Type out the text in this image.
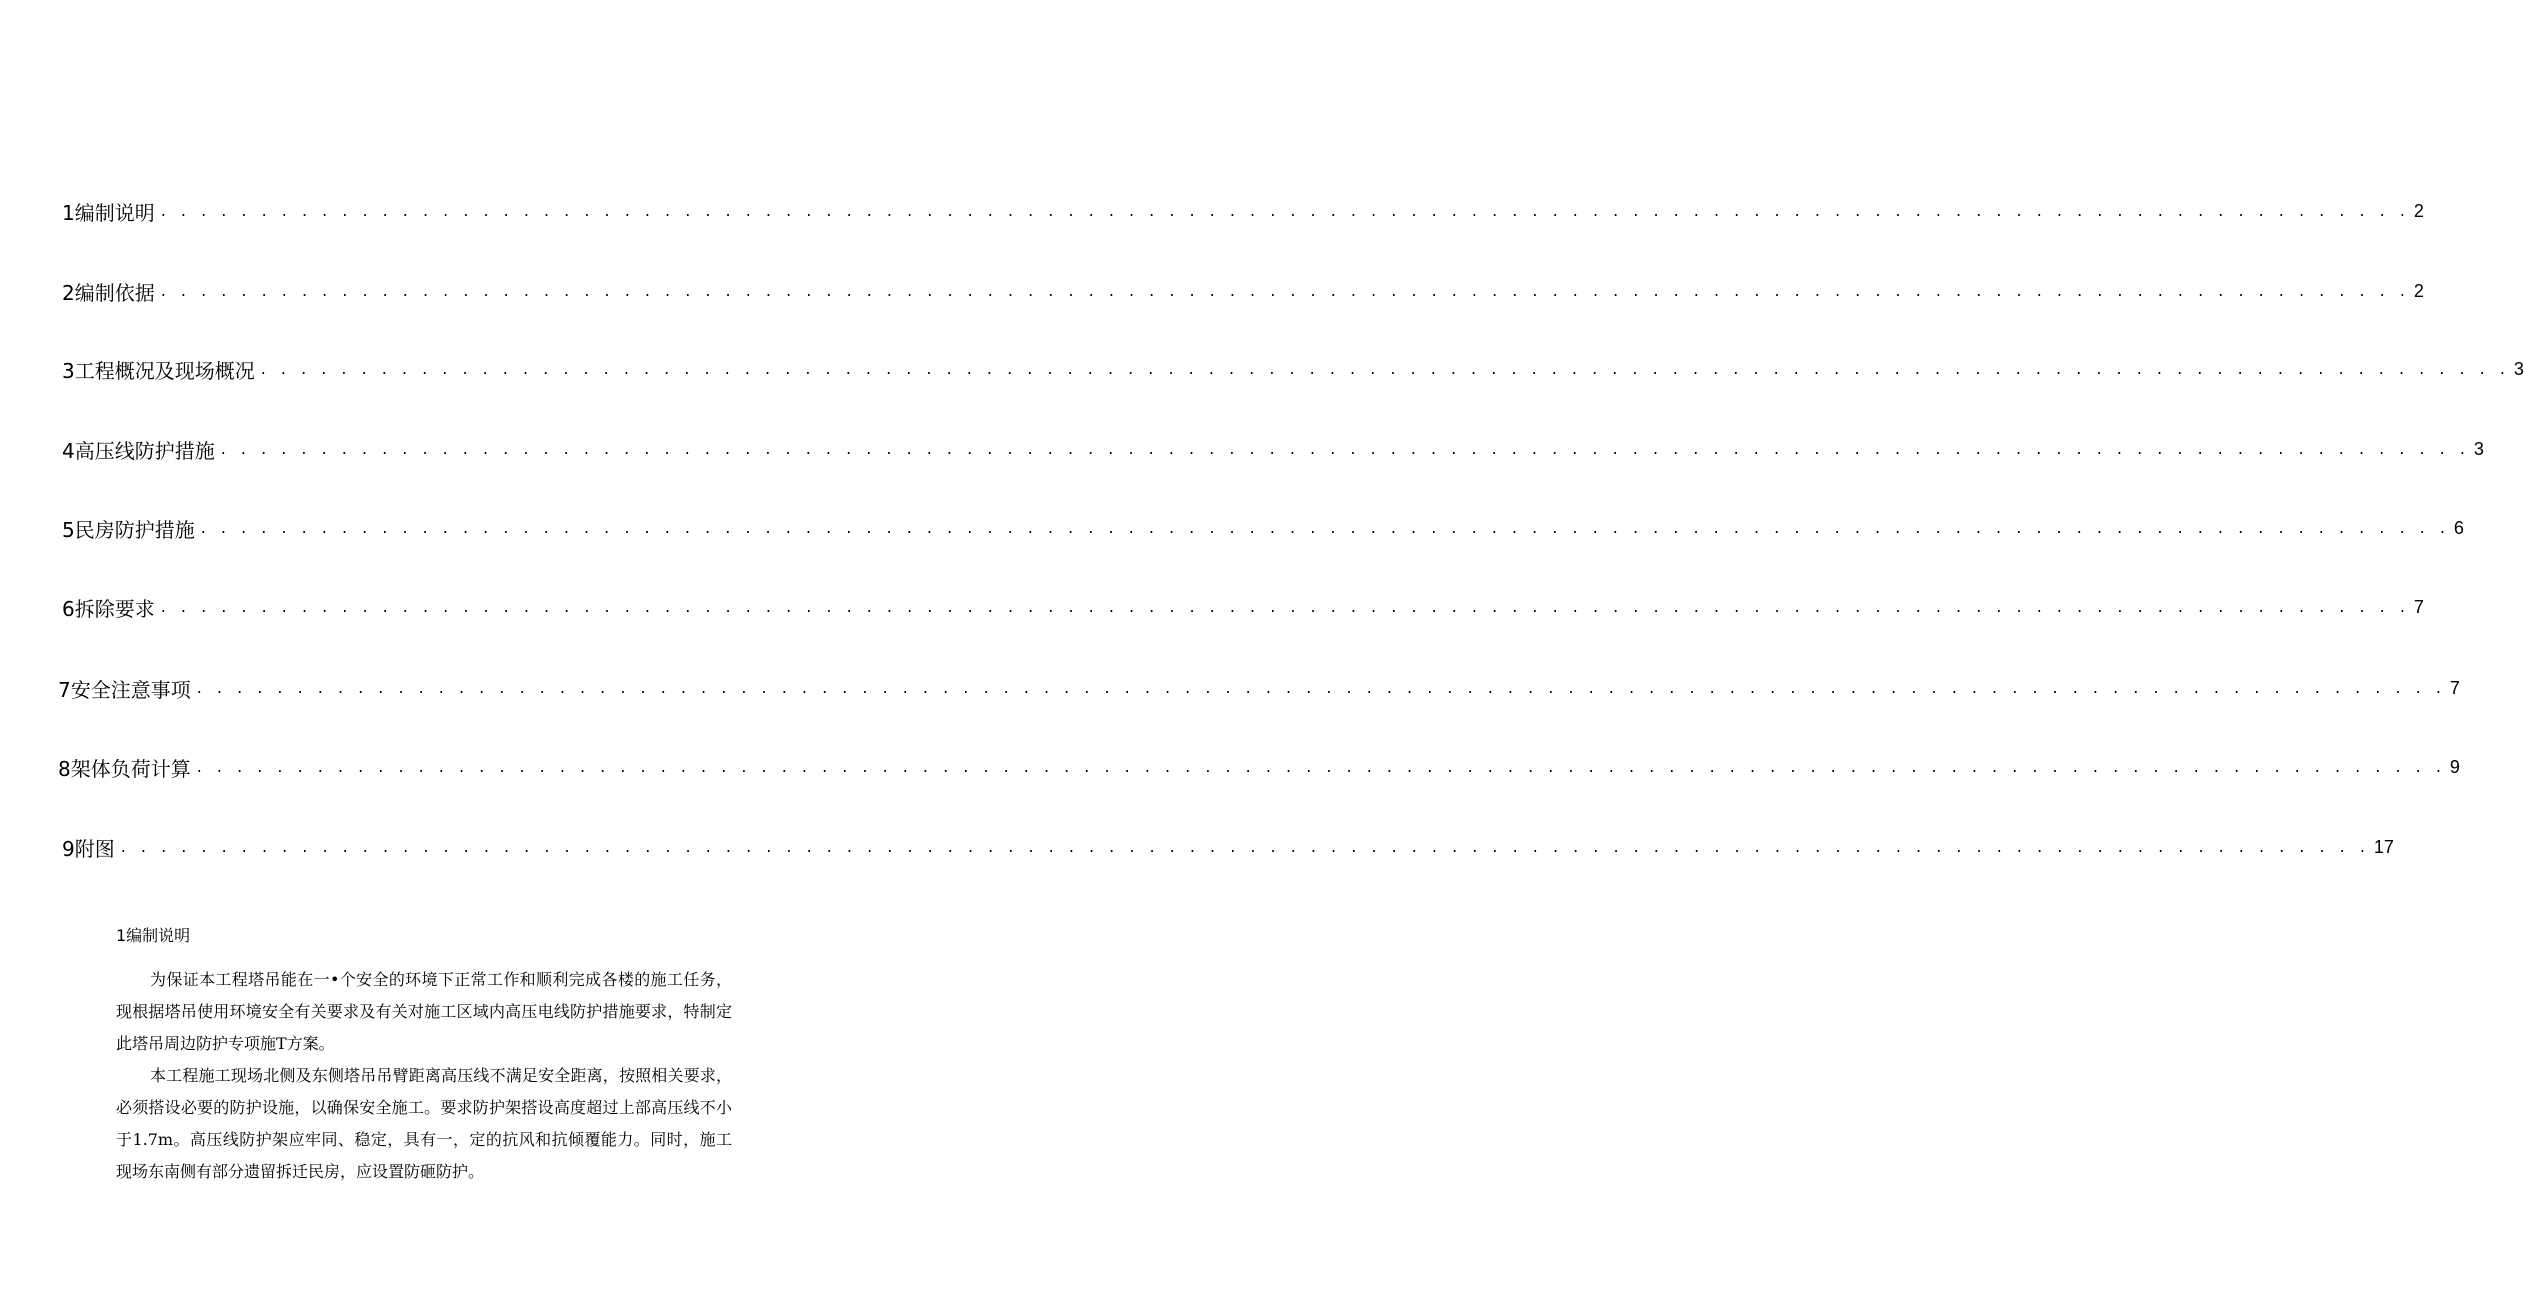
1编制说明 . . . . . . . . . . . . . . . . . . . . . . . . . . . . . . . . . . . . . . . . . . . . . . . . . . . . . . . . . . . . . . . . . . . . . . . . . . . . . . . . . . . . . . . . . . . . . . . . . . . . . . . . . . . . . . . . 2
2编制依据 . . . . . . . . . . . . . . . . . . . . . . . . . . . . . . . . . . . . . . . . . . . . . . . . . . . . . . . . . . . . . . . . . . . . . . . . . . . . . . . . . . . . . . . . . . . . . . . . . . . . . . . . . . . . . . . . 2
3工程概况及现场概况 . . . . . . . . . . . . . . . . . . . . . . . . . . . . . . . . . . . . . . . . . . . . . . . . . . . . . . . . . . . . . . . . . . . . . . . . . . . . . . . . . . . . . . . . . . . . . . . . . . . . . . . . . . . . . . . . 3
4高压线防护措施 . . . . . . . . . . . . . . . . . . . . . . . . . . . . . . . . . . . . . . . . . . . . . . . . . . . . . . . . . . . . . . . . . . . . . . . . . . . . . . . . . . . . . . . . . . . . . . . . . . . . . . . . . . . . . . . . 3
5民房防护措施 . . . . . . . . . . . . . . . . . . . . . . . . . . . . . . . . . . . . . . . . . . . . . . . . . . . . . . . . . . . . . . . . . . . . . . . . . . . . . . . . . . . . . . . . . . . . . . . . . . . . . . . . . . . . . . . . 6
6拆除要求 . . . . . . . . . . . . . . . . . . . . . . . . . . . . . . . . . . . . . . . . . . . . . . . . . . . . . . . . . . . . . . . . . . . . . . . . . . . . . . . . . . . . . . . . . . . . . . . . . . . . . . . . . . . . . . . . 7
7安全注意事项 . . . . . . . . . . . . . . . . . . . . . . . . . . . . . . . . . . . . . . . . . . . . . . . . . . . . . . . . . . . . . . . . . . . . . . . . . . . . . . . . . . . . . . . . . . . . . . . . . . . . . . . . . . . . . . . . 7
8架体负荷计算 . . . . . . . . . . . . . . . . . . . . . . . . . . . . . . . . . . . . . . . . . . . . . . . . . . . . . . . . . . . . . . . . . . . . . . . . . . . . . . . . . . . . . . . . . . . . . . . . . . . . . . . . . . . . . . . . 9
9附图 . . . . . . . . . . . . . . . . . . . . . . . . . . . . . . . . . . . . . . . . . . . . . . . . . . . . . . . . . . . . . . . . . . . . . . . . . . . . . . . . . . . . . . . . . . . . . . . . . . . . . . . . . . . . . . . . 17
1编制说明

为保证本工程塔吊能在一•个安全的环境下正常工作和顺利完成各楼的施工任务，现根据塔吊使用环境安全有关要求及有关对施工区域内高压电线防护措施要求，特制定此塔吊周边防护专项施T方案。

本工程施工现场北侧及东侧塔吊吊臂距离高压线不满足安全距离，按照相关要求，必须搭设必要的防护设施，以确保安全施工。要求防护架搭设高度超过上部高压线不小于1.7m。高压线防护架应牢同、稳定，具有一，定的抗风和抗倾覆能力。同时，施工现场东南侧有部分遗留拆迁民房，应设置防砸防护。
